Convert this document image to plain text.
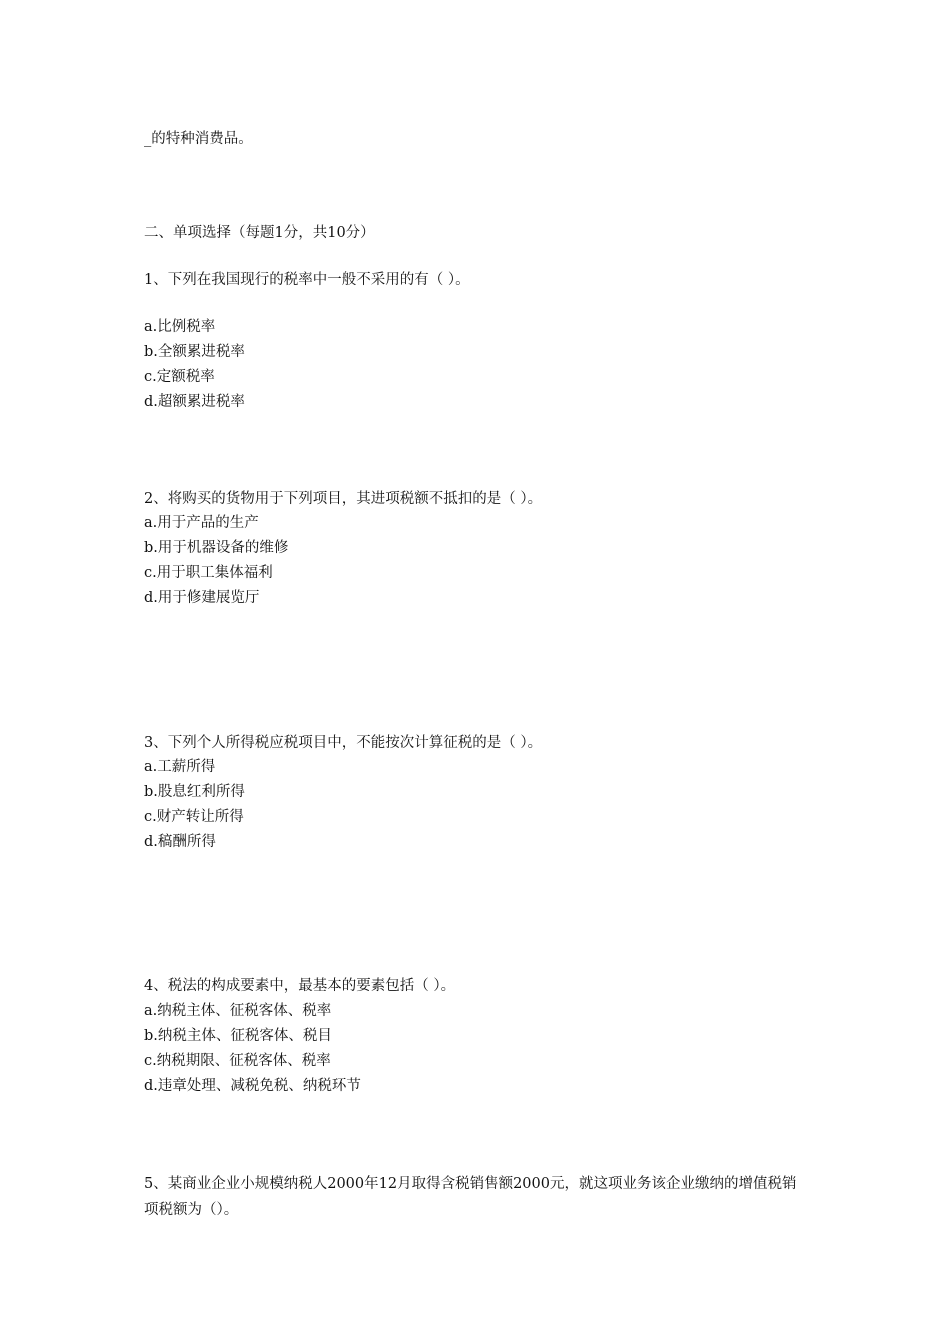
_的特种消费品。
二、单项选择（每题1分，共10分）
1、下列在我国现行的税率中一般不采用的有（ ）。
a.比例税率
b.全额累进税率
c.定额税率
d.超额累进税率
2、将购买的货物用于下列项目，其进项税额不抵扣的是（ ）。
a.用于产品的生产
b.用于机器设备的维修
c.用于职工集体福利
d.用于修建展览厅
3、下列个人所得税应税项目中，不能按次计算征税的是（ ）。
a.工薪所得
b.股息红利所得
c.财产转让所得
d.稿酬所得
4、税法的构成要素中，最基本的要素包括（ ）。
a.纳税主体、征税客体、税率
b.纳税主体、征税客体、税目
c.纳税期限、征税客体、税率
d.违章处理、减税免税、纳税环节
5、某商业企业小规模纳税人2000年12月取得含税销售额2000元，就这项业务该企业缴纳的增值税销项税额为（）。
